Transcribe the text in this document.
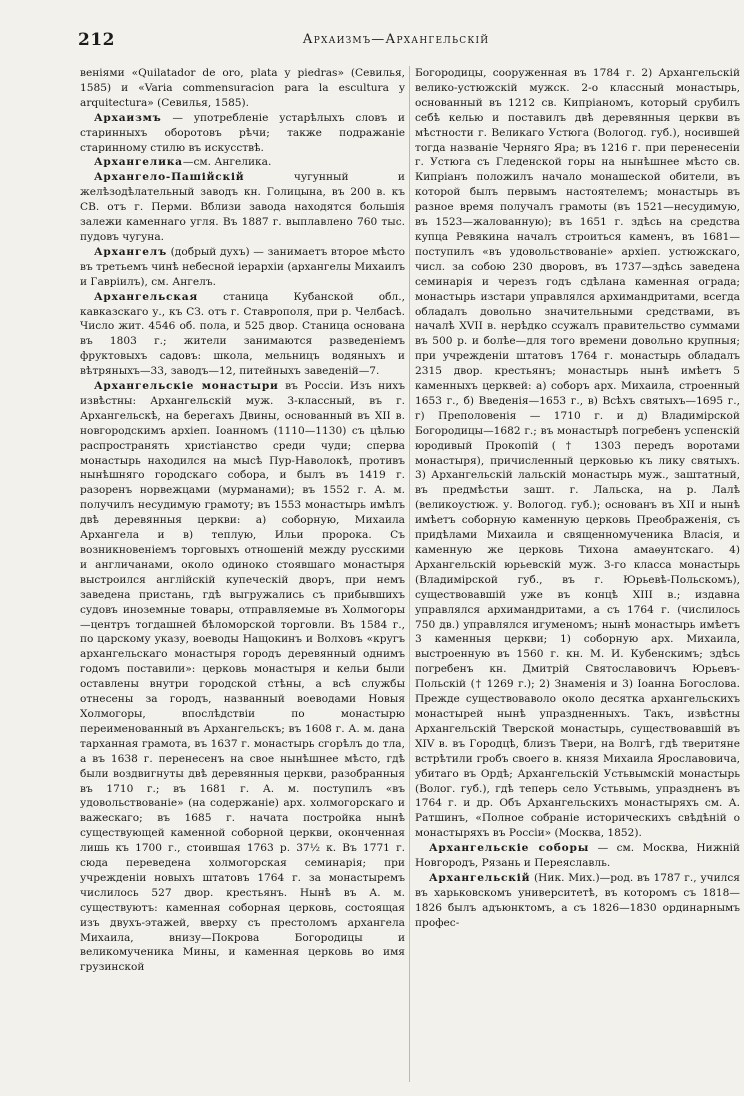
212	Архаизмъ—Архангельскій

веніями «Quilatador de oro, plata y piedras» (Севилья, 1585) и «Varia commensuracion para la escultura y arquitectura» (Севилья, 1585).

Архаизмъ — употребленіе устарѣлыхъ словъ и старинныхъ оборотовъ рѣчи; также подражаніе старинному стилю въ искусствѣ.

Архангелика—см. Ангелика.

Архангело-Пашійскій чугунный и желѣзодѣлательный заводъ кн. Голицына, въ 200 в. къ СВ. отъ г. Перми. Вблизи завода находятся большія залежи каменнаго угля. Въ 1887 г. выплавлено 760 тыс. пудовъ чугуна.

Архангелъ (добрый духъ) — занимаетъ второе мѣсто въ третьемъ чинѣ небесной іерархіи (архангелы Михаилъ и Гавріилъ), см. Ангелъ.

Архангельская станица Кубанской обл., кавказскаго у., къ СЗ. отъ г. Ставрополя, при р. Челбасѣ. Число жит. 4546 об. пола, и 525 двор. Станица основана въ 1803 г.; жители занимаются разведеніемъ фруктовыхъ садовъ: школа, мельницъ водяныхъ и вѣтряныхъ—33, заводъ—12, питейныхъ заведеній—7.

Архангельскіе монастыри въ Россіи. Изъ нихъ извѣстны: Архангельскій муж. 3-классный, въ г. Архангельскѣ, на берегахъ Двины, основанный въ XII в. новгородскимъ архіеп. Іоанномъ (1110—1130) съ цѣлью распространять христіанство среди чуди; сперва монастырь находился на мысѣ Пур-Наволокѣ, противъ нынѣшняго городскаго собора, и былъ въ 1419 г. разоренъ норвежцами (мурманами); въ 1552 г. А. м. получилъ несудимую грамоту; въ 1553 монастырь имѣлъ двѣ деревянныя церкви: а) соборную, Михаила Архангела и в) теплую, Ильи пророка. Съ возникновеніемъ торговыхъ отношеній между русскими и англичанами, около одиноко стоявшаго монастыря выстроился англійскій купеческій дворъ, при немъ заведена пристань, гдѣ выгружались съ прибывшихъ судовъ иноземные товары, отправляемые въ Холмогоры—центръ тогдашней бѣломорской торговли. Въ 1584 г., по царскому указу, воеводы Нащокинъ и Волховъ «кругъ архангельскаго монастыря городъ деревянный однимъ годомъ поставили»: церковь монастыря и кельи были оставлены внутри городской стѣны, а всѣ службы отнесены за городъ, названный воеводами Новыя Холмогоры, впослѣдствіи по монастырю переименованный въ Архангельскъ; въ 1608 г. А. м. дана тарханная грамота, въ 1637 г. монастырь сгорѣлъ до тла, а въ 1638 г. перенесенъ на свое нынѣшнее мѣсто, гдѣ были воздвигнуты двѣ деревянныя церкви, разобранныя въ 1710 г.; въ 1681 г. А. м. поступилъ «въ удовольствованіе» (на содержаніе) арх. холмогорскаго и важескаго; въ 1685 г. начата постройка нынѣ существующей каменной соборной церкви, оконченная лишь къ 1700 г., стоившая 1763 р. 37½ к. Въ 1771 г. сюда переведена холмогорская семинарія; при учрежденіи новыхъ штатовъ 1764 г. за монастыремъ числилось 527 двор. крестьянъ. Нынѣ въ А. м. существуютъ: каменная соборная церковь, состоящая изъ двухъ-этажей, вверху съ престоломъ архангела Михаила, внизу—Покрова Богородицы и великомученика Мины, и каменная церковь во имя грузинской

Богородицы, сооруженная въ 1784 г. 2) Архангельскій велико-устюжскій мужск. 2-о классный монастырь, основанный въ 1212 св. Кипріаномъ, который срубилъ себѣ келью и поставилъ двѣ деревянныя церкви въ мѣстности г. Великаго Устюга (Вологод. губ.), носившей тогда названіе Черняго Яра; въ 1216 г. при перенесеніи г. Устюга съ Гледенской горы на нынѣшнее мѣсто св. Кипріанъ положилъ начало монашеской обители, въ которой былъ первымъ настоятелемъ; монастырь въ разное время получалъ грамоты (въ 1521—несудимую, въ 1523—жалованную); въ 1651 г. здѣсь на средства купца Ревякина началъ строиться каменъ, въ 1681—поступилъ «въ удовольствованіе» архіеп. устюжскаго, числ. за собою 230 дворовъ, въ 1737—здѣсь заведена семинарія и черезъ годъ сдѣлана каменная ограда; монастырь изстари управлялся архимандритами, всегда обладалъ довольно значительными средствами, въ началѣ XVII в. нерѣдко ссужалъ правительство суммами въ 500 р. и болѣе—для того времени довольно крупныя; при учрежденіи штатовъ 1764 г. монастырь обладалъ 2315 двор. крестьянъ; монастырь нынѣ имѣетъ 5 каменныхъ церквей: а) соборъ арх. Михаила, строенный 1653 г., б) Введенія—1653 г., в) Всѣхъ святыхъ—1695 г., г) Преполовенія — 1710 г. и д) Владимірской Богородицы—1682 г.; въ монастырѣ погребенъ успенскій юродивый Прокопій († 1303 передъ воротами монастыря), причисленный церковью къ лику святыхъ. 3) Архангельскій лальскій монастырь муж., заштатный, въ предмѣстьи зашт. г. Лальска, на р. Лалѣ (великоустюж. у. Вологод. губ.); основанъ въ XII и нынѣ имѣетъ соборную каменную церковь Преображенія, съ придѣлами Михаила и священномученика Власія, и каменную же церковь Тихона амаѳунтскаго. 4) Архангельскій юрьевскій муж. 3-го класса монастырь (Владимірской губ., въ г. Юрьевѣ-Польскомъ), существовавшій уже въ концѣ XIII в.; издавна управлялся архимандритами, а съ 1764 г. (числилось 750 дв.) управлялся игуменомъ; нынѣ монастырь имѣетъ 3 каменныя церкви; 1) соборную арх. Михаила, выстроенную въ 1560 г. кн. М. И. Кубенскимъ; здѣсь погребенъ кн. Дмитрій Святославовичъ Юрьевъ-Польскій († 1269 г.); 2) Знаменія и 3) Іоанна Богослова. Прежде существоваволо около десятка архангельскихъ монастырей нынѣ упраздненныхъ. Такъ, извѣстны Архангельскій Тверской монастырь, существовавшій въ XIV в. въ Городцѣ, близъ Твери, на Волгѣ, гдѣ тверитяне встрѣтили гробъ своего в. князя Михаила Ярославовича, убитаго въ Ордѣ; Архангельскій Устьвымскій монастырь (Волог. губ.), гдѣ теперь село Устьвымь, упраздненъ въ 1764 г. и др. Объ Архангельскихъ монастыряхъ см. А. Ратшинъ, «Полное собраніе историческихъ свѣдѣній о монастыряхъ въ Россіи» (Москва, 1852).

Архангельскіе соборы — см. Москва, Нижній Новгородъ, Рязань и Переяславль.

Архангельскій (Ник. Мих.)—род. въ 1787 г., учился въ харьковскомъ университетѣ, въ которомъ съ 1818—1826 былъ адъюнктомъ, а съ 1826—1830 ординарнымъ профес-
